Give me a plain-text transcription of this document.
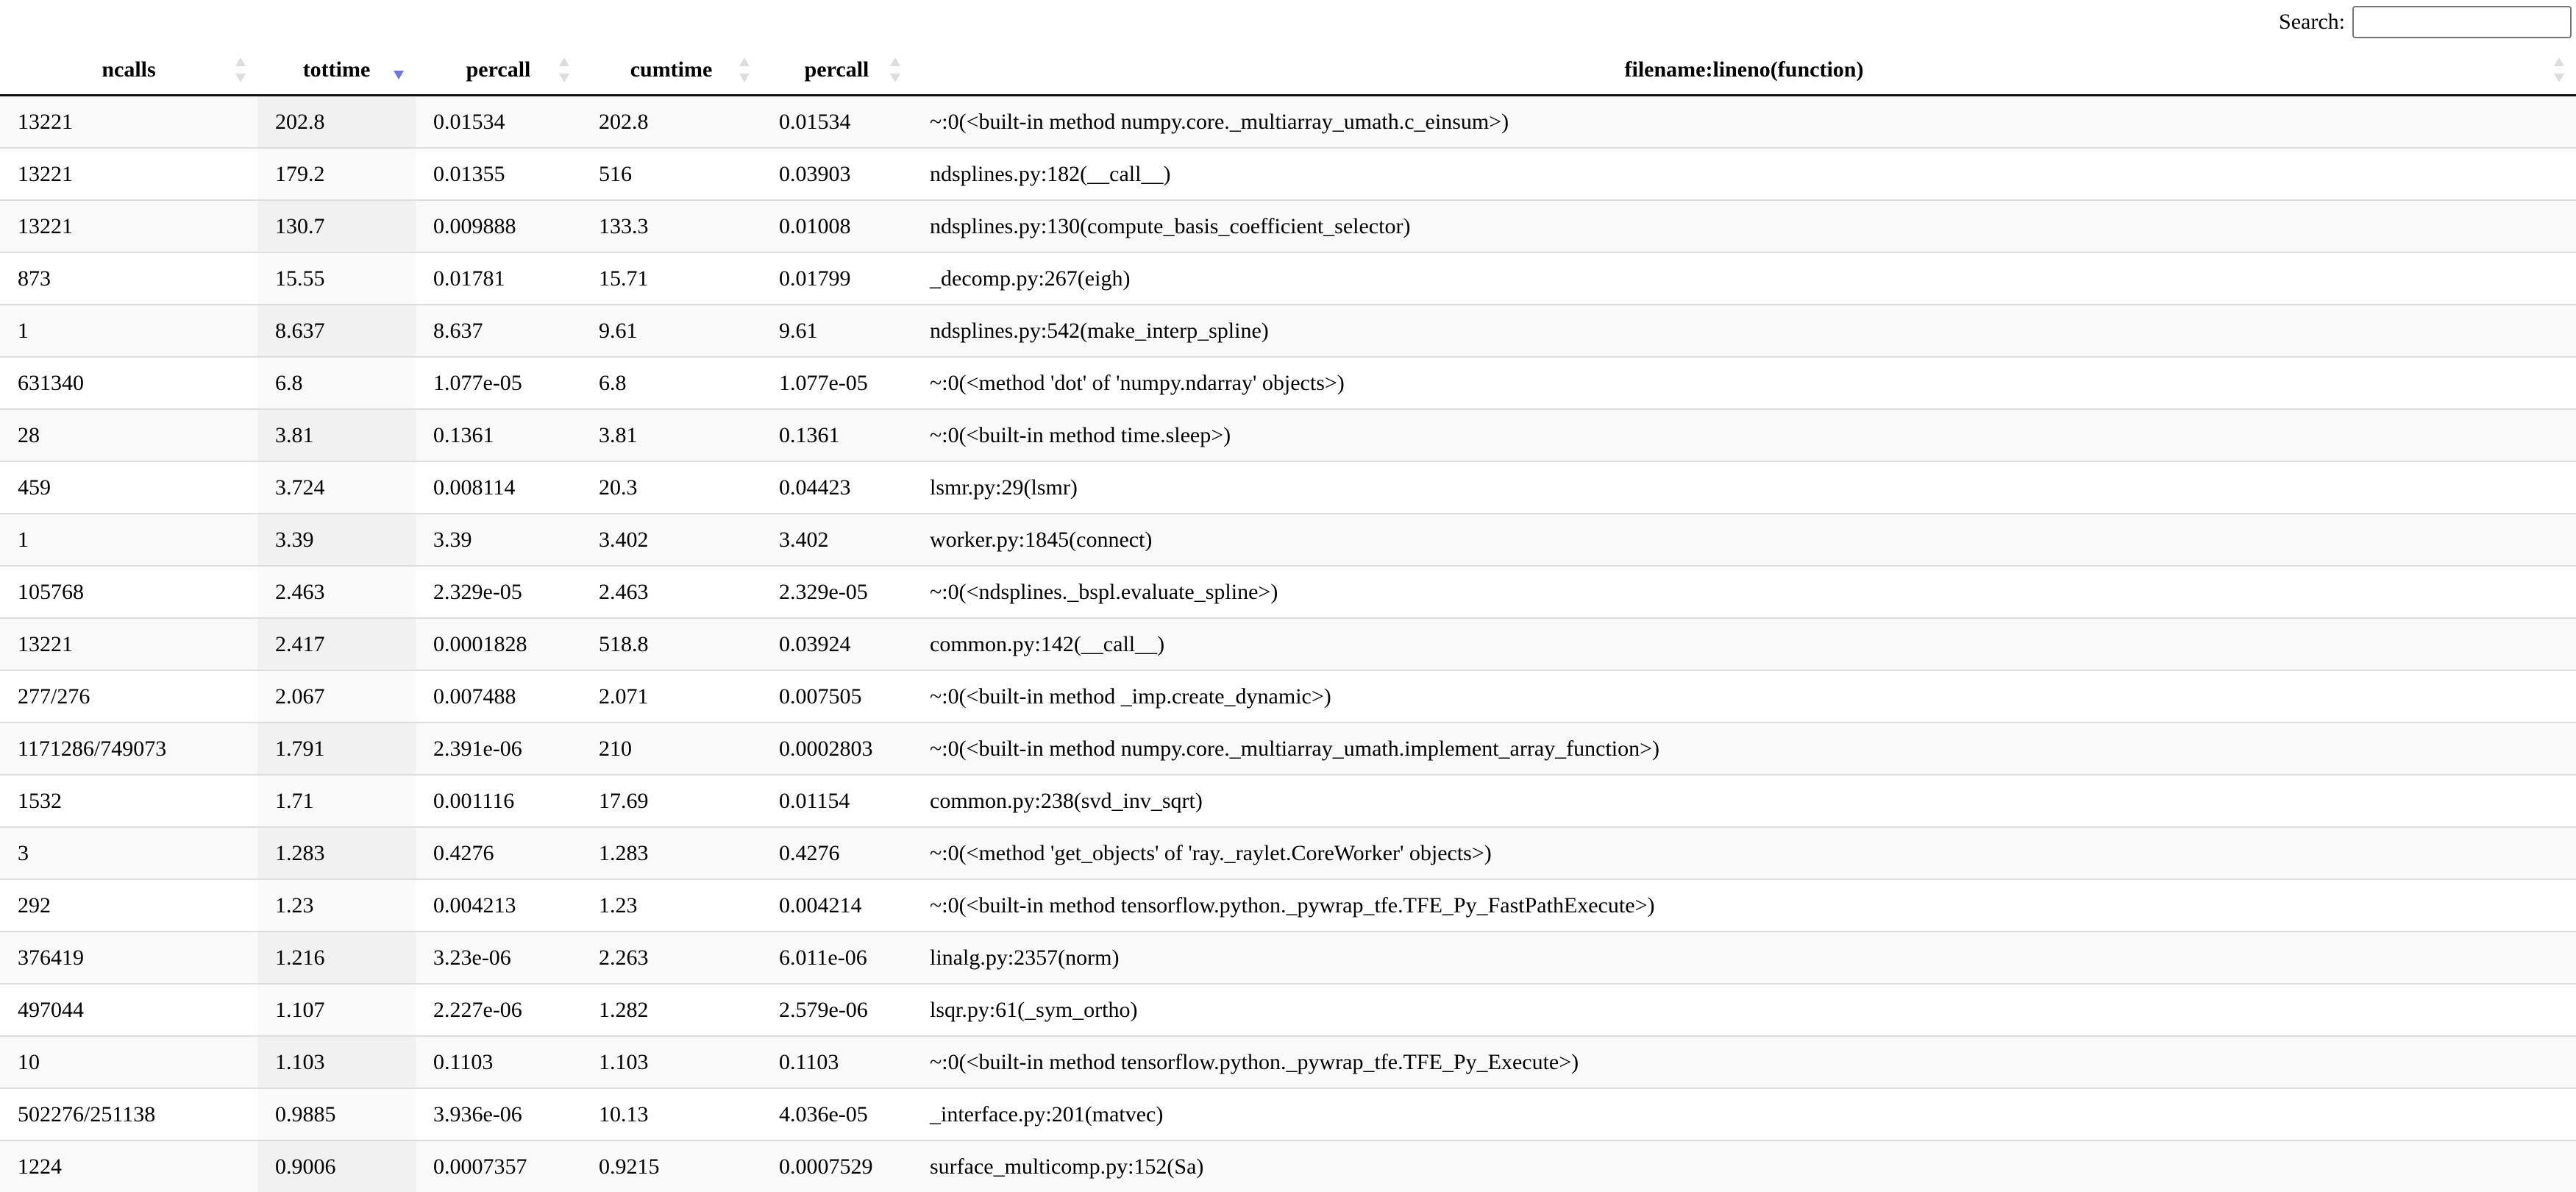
Search:
ncalls	tottime	percall	cumtime	percall	filename:lineno(function)

13221	202.8	0.01534	202.8	0.01534	~:0(<built-in method numpy.core._multiarray_umath.c_einsum>)
13221	179.2	0.01355	516	0.03903	ndsplines.py:182(__call__)
13221	130.7	0.009888	133.3	0.01008	ndsplines.py:130(compute_basis_coefficient_selector)
873	15.55	0.01781	15.71	0.01799	_decomp.py:267(eigh)
1	8.637	8.637	9.61	9.61	ndsplines.py:542(make_interp_spline)
631340	6.8	1.077e-05	6.8	1.077e-05	~:0(<method 'dot' of 'numpy.ndarray' objects>)
28	3.81	0.1361	3.81	0.1361	~:0(<built-in method time.sleep>)
459	3.724	0.008114	20.3	0.04423	lsmr.py:29(lsmr)
1	3.39	3.39	3.402	3.402	worker.py:1845(connect)
105768	2.463	2.329e-05	2.463	2.329e-05	~:0(<ndsplines._bspl.evaluate_spline>)
13221	2.417	0.0001828	518.8	0.03924	common.py:142(__call__)
277/276	2.067	0.007488	2.071	0.007505	~:0(<built-in method _imp.create_dynamic>)
1171286/749073	1.791	2.391e-06	210	0.0002803	~:0(<built-in method numpy.core._multiarray_umath.implement_array_function>)
1532	1.71	0.001116	17.69	0.01154	common.py:238(svd_inv_sqrt)
3	1.283	0.4276	1.283	0.4276	~:0(<method 'get_objects' of 'ray._raylet.CoreWorker' objects>)
292	1.23	0.004213	1.23	0.004214	~:0(<built-in method tensorflow.python._pywrap_tfe.TFE_Py_FastPathExecute>)
376419	1.216	3.23e-06	2.263	6.011e-06	linalg.py:2357(norm)
497044	1.107	2.227e-06	1.282	2.579e-06	lsqr.py:61(_sym_ortho)
10	1.103	0.1103	1.103	0.1103	~:0(<built-in method tensorflow.python._pywrap_tfe.TFE_Py_Execute>)
502276/251138	0.9885	3.936e-06	10.13	4.036e-05	_interface.py:201(matvec)
1224	0.9006	0.0007357	0.9215	0.0007529	surface_multicomp.py:152(Sa)
